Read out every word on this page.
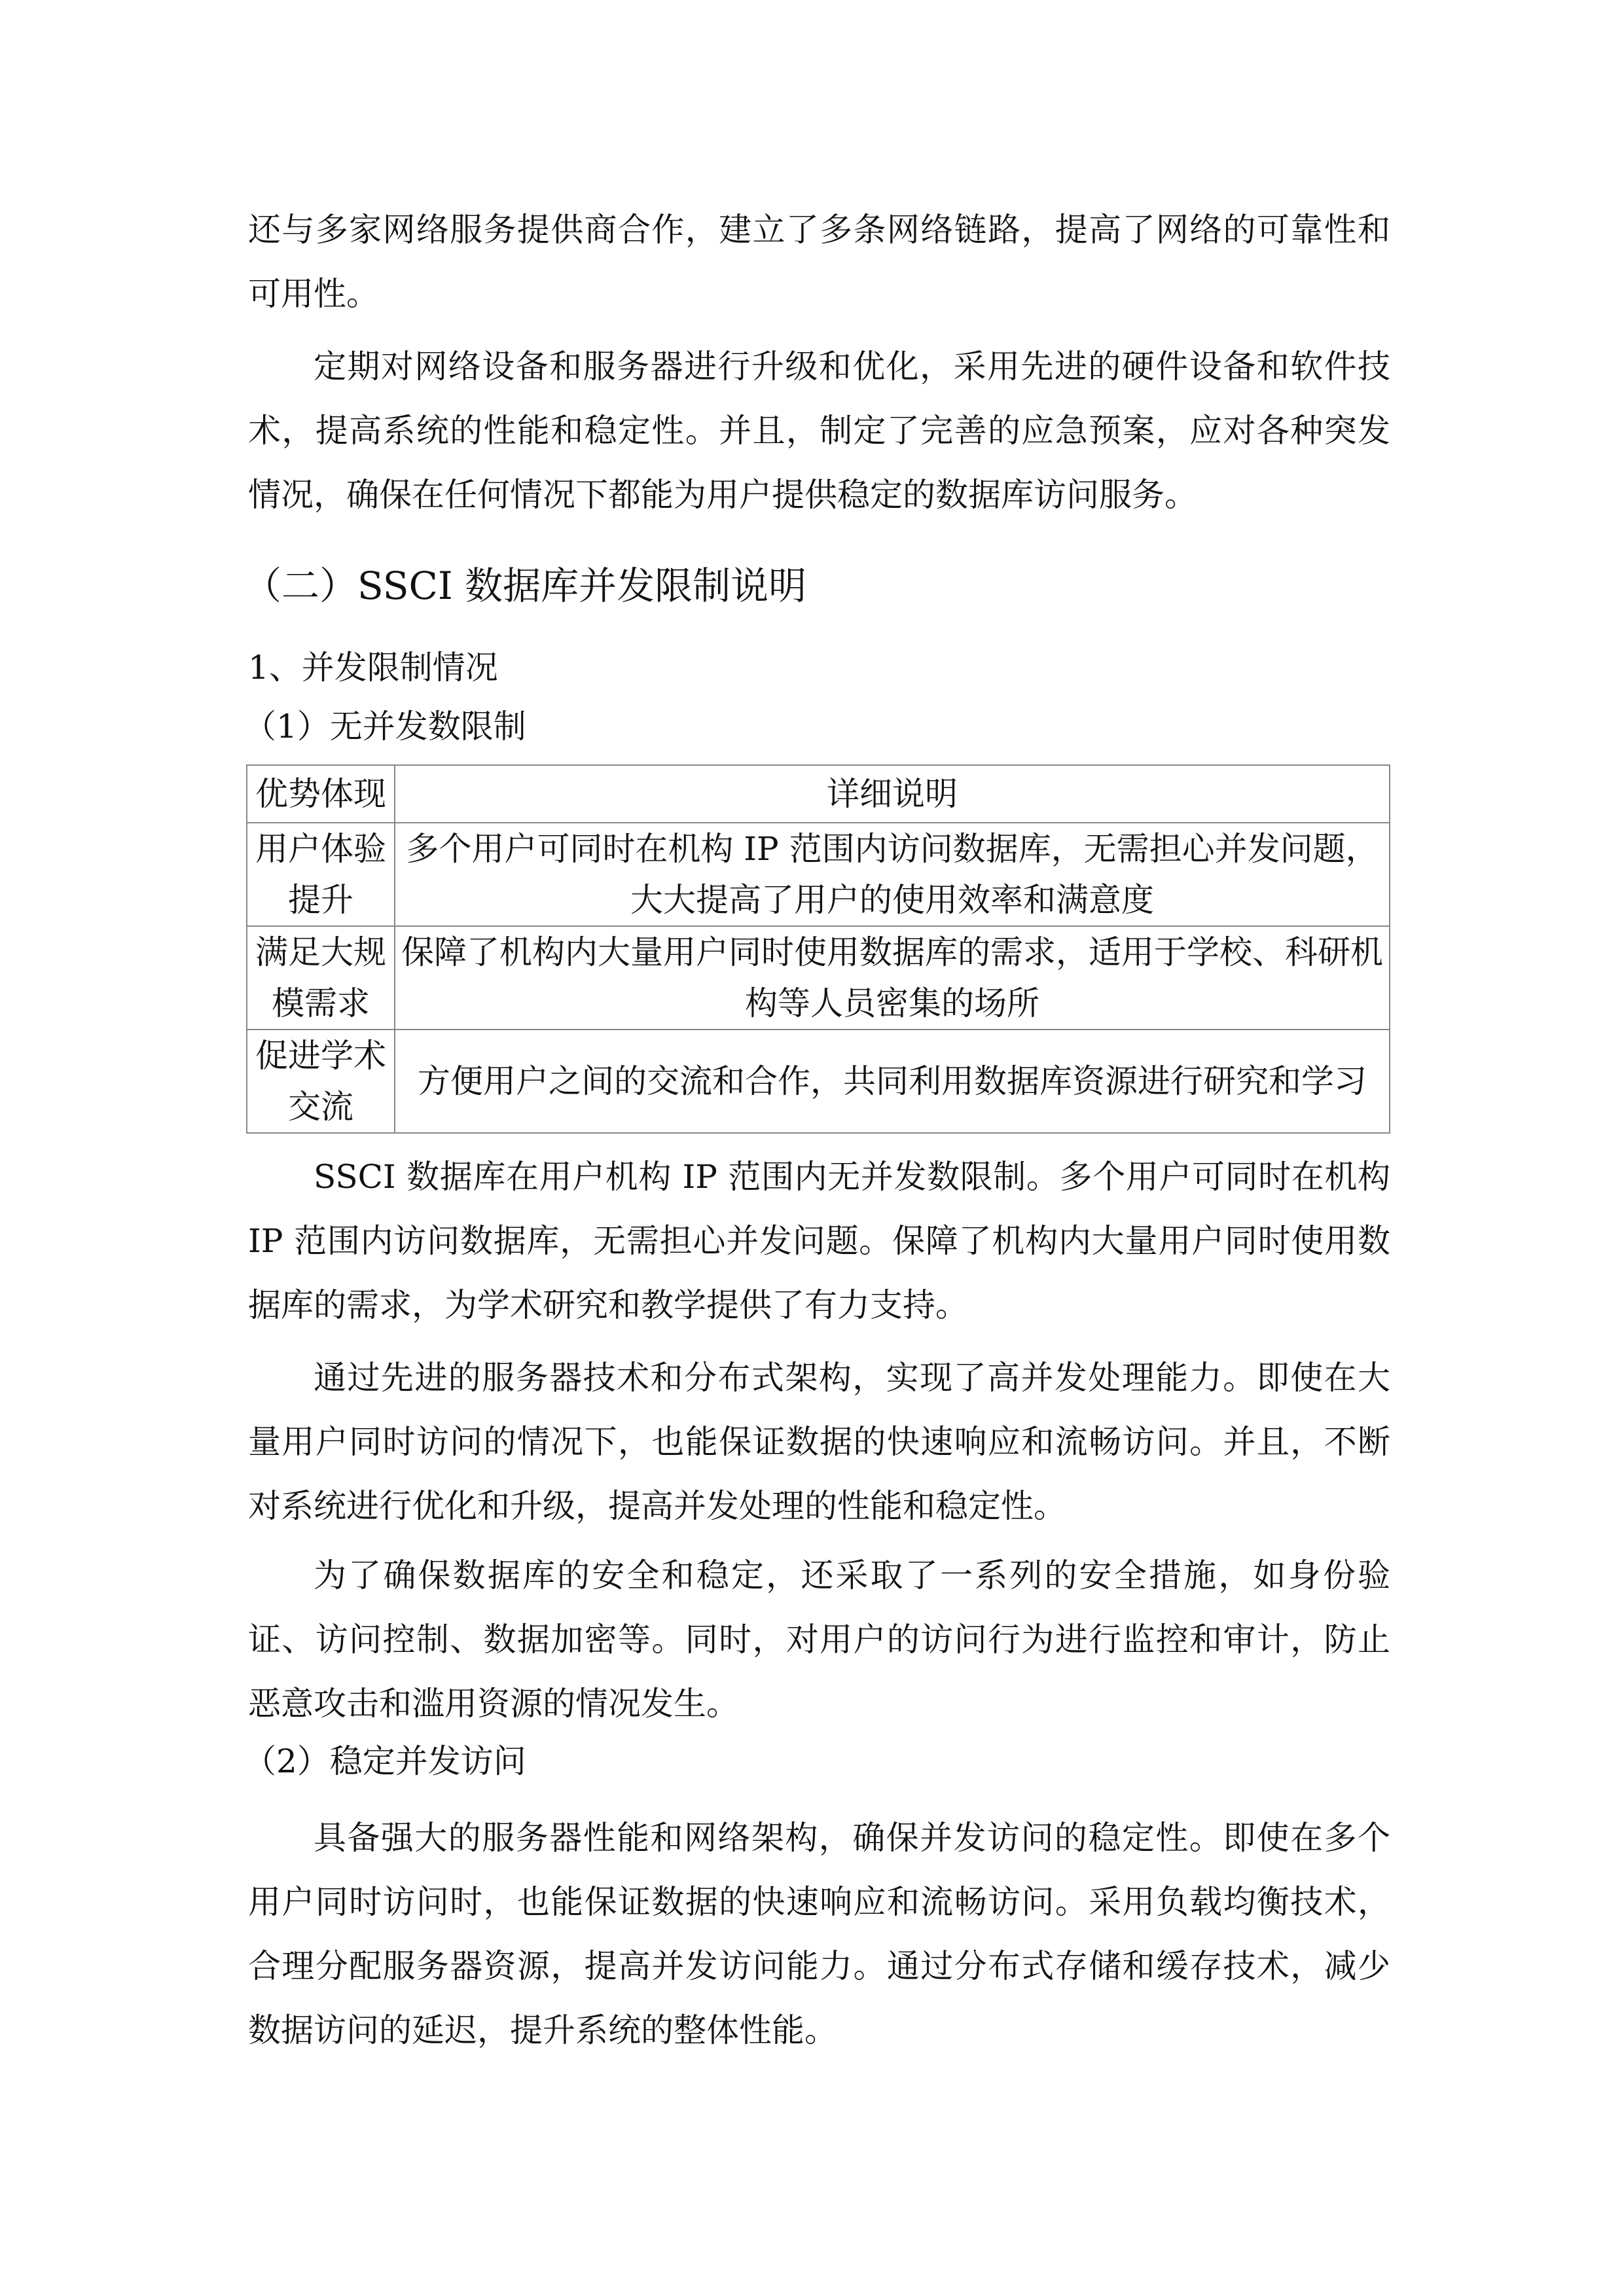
还与多家网络服务提供商合作，建立了多条网络链路，提高了网络的可靠性和可用性。
定期对网络设备和服务器进行升级和优化，采用先进的硬件设备和软件技术，提高系统的性能和稳定性。并且，制定了完善的应急预案，应对各种突发情况，确保在任何情况下都能为用户提供稳定的数据库访问服务。
（二）SSCI 数据库并发限制说明
1、并发限制情况
（1）无并发数限制
优势体现	详细说明
用户体验提升	多个用户可同时在机构 IP 范围内访问数据库，无需担心并发问题，大大提高了用户的使用效率和满意度
满足大规模需求	保障了机构内大量用户同时使用数据库的需求，适用于学校、科研机构等人员密集的场所
促进学术交流	方便用户之间的交流和合作，共同利用数据库资源进行研究和学习
SSCI 数据库在用户机构 IP 范围内无并发数限制。多个用户可同时在机构 IP 范围内访问数据库，无需担心并发问题。保障了机构内大量用户同时使用数据库的需求，为学术研究和教学提供了有力支持。
通过先进的服务器技术和分布式架构，实现了高并发处理能力。即使在大量用户同时访问的情况下，也能保证数据的快速响应和流畅访问。并且，不断对系统进行优化和升级，提高并发处理的性能和稳定性。
为了确保数据库的安全和稳定，还采取了一系列的安全措施，如身份验证、访问控制、数据加密等。同时，对用户的访问行为进行监控和审计，防止恶意攻击和滥用资源的情况发生。
（2）稳定并发访问
具备强大的服务器性能和网络架构，确保并发访问的稳定性。即使在多个用户同时访问时，也能保证数据的快速响应和流畅访问。采用负载均衡技术，合理分配服务器资源，提高并发访问能力。通过分布式存储和缓存技术，减少数据访问的延迟，提升系统的整体性能。
